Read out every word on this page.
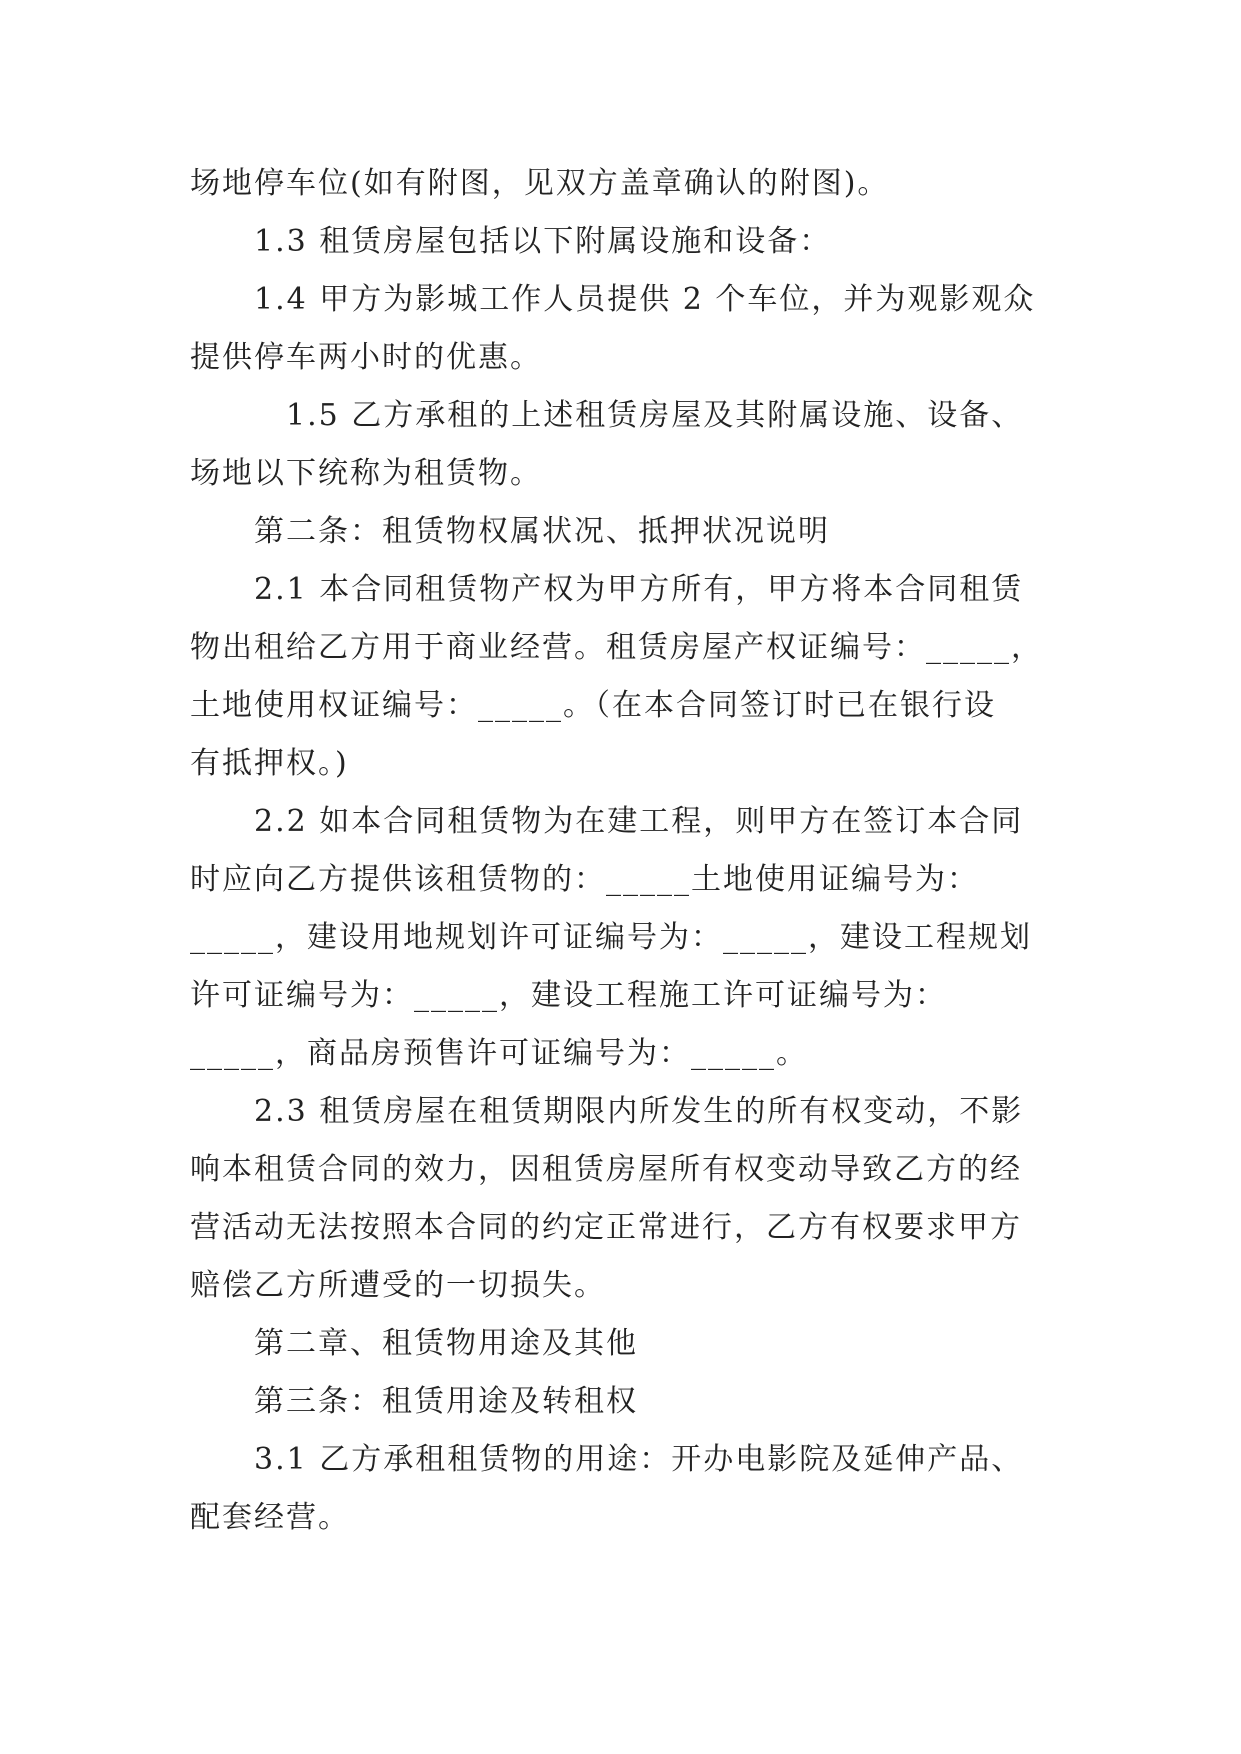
场地停车位(如有附图，见双方盖章确认的附图)。
　　1.3 租赁房屋包括以下附属设施和设备：
　　1.4 甲方为影城工作人员提供 2 个车位，并为观影观众
提供停车两小时的优惠。
　　　1.5 乙方承租的上述租赁房屋及其附属设施、设备、
场地以下统称为租赁物。
　　第二条：租赁物权属状况、抵押状况说明
　　2.1 本合同租赁物产权为甲方所有，甲方将本合同租赁
物出租给乙方用于商业经营。租赁房屋产权证编号：_____，
土地使用权证编号：_____。（在本合同签订时已在银行设
有抵押权。)
　　2.2 如本合同租赁物为在建工程，则甲方在签订本合同
时应向乙方提供该租赁物的：_____土地使用证编号为：
_____，建设用地规划许可证编号为：_____，建设工程规划
许可证编号为：_____，建设工程施工许可证编号为：
_____，商品房预售许可证编号为：_____。
　　2.3 租赁房屋在租赁期限内所发生的所有权变动，不影
响本租赁合同的效力，因租赁房屋所有权变动导致乙方的经
营活动无法按照本合同的约定正常进行，乙方有权要求甲方
赔偿乙方所遭受的一切损失。
　　第二章、租赁物用途及其他
　　第三条：租赁用途及转租权
　　3.1 乙方承租租赁物的用途：开办电影院及延伸产品、
配套经营。
